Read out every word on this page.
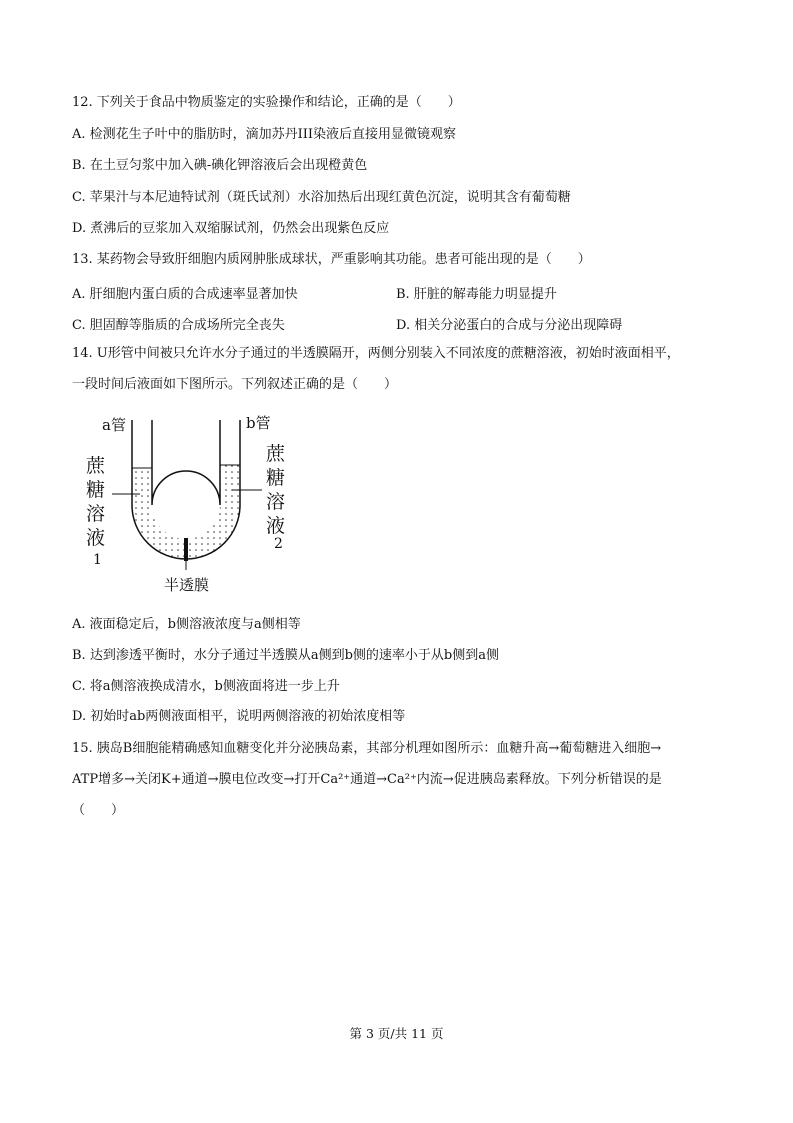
12. 下列关于食品中物质鉴定的实验操作和结论，正确的是（　　）
A. 检测花生子叶中的脂肪时，滴加苏丹III染液后直接用显微镜观察
B. 在土豆匀浆中加入碘-碘化钾溶液后会出现橙黄色
C. 苹果汁与本尼迪特试剂（斑氏试剂）水浴加热后出现红黄色沉淀，说明其含有葡萄糖
D. 煮沸后的豆浆加入双缩脲试剂，仍然会出现紫色反应
13. 某药物会导致肝细胞内质网肿胀成球状，严重影响其功能。患者可能出现的是（　　）
A. 肝细胞内蛋白质的合成速率显著加快	B. 肝脏的解毒能力明显提升
C. 胆固醇等脂质的合成场所完全丧失	D. 相关分泌蛋白的合成与分泌出现障碍
14. U形管中间被只允许水分子通过的半透膜隔开，两侧分别装入不同浓度的蔗糖溶液，初始时液面相平，
一段时间后液面如下图所示。下列叙述正确的是（　　）
a管	b管
蔗
糖
溶
液
1
蔗
糖
溶
液
2
半透膜
A. 液面稳定后，b侧溶液浓度与a侧相等
B. 达到渗透平衡时，水分子通过半透膜从a侧到b侧的速率小于从b侧到a侧
C. 将a侧溶液换成清水，b侧液面将进一步上升
D. 初始时ab两侧液面相平，说明两侧溶液的初始浓度相等
15. 胰岛B细胞能精确感知血糖变化并分泌胰岛素，其部分机理如图所示：血糖升高→葡萄糖进入细胞→
ATP增多→关闭K+通道→膜电位改变→打开Ca²⁺通道→Ca²⁺内流→促进胰岛素释放。下列分析错误的是
（　　）
第 3 页/共 11 页
